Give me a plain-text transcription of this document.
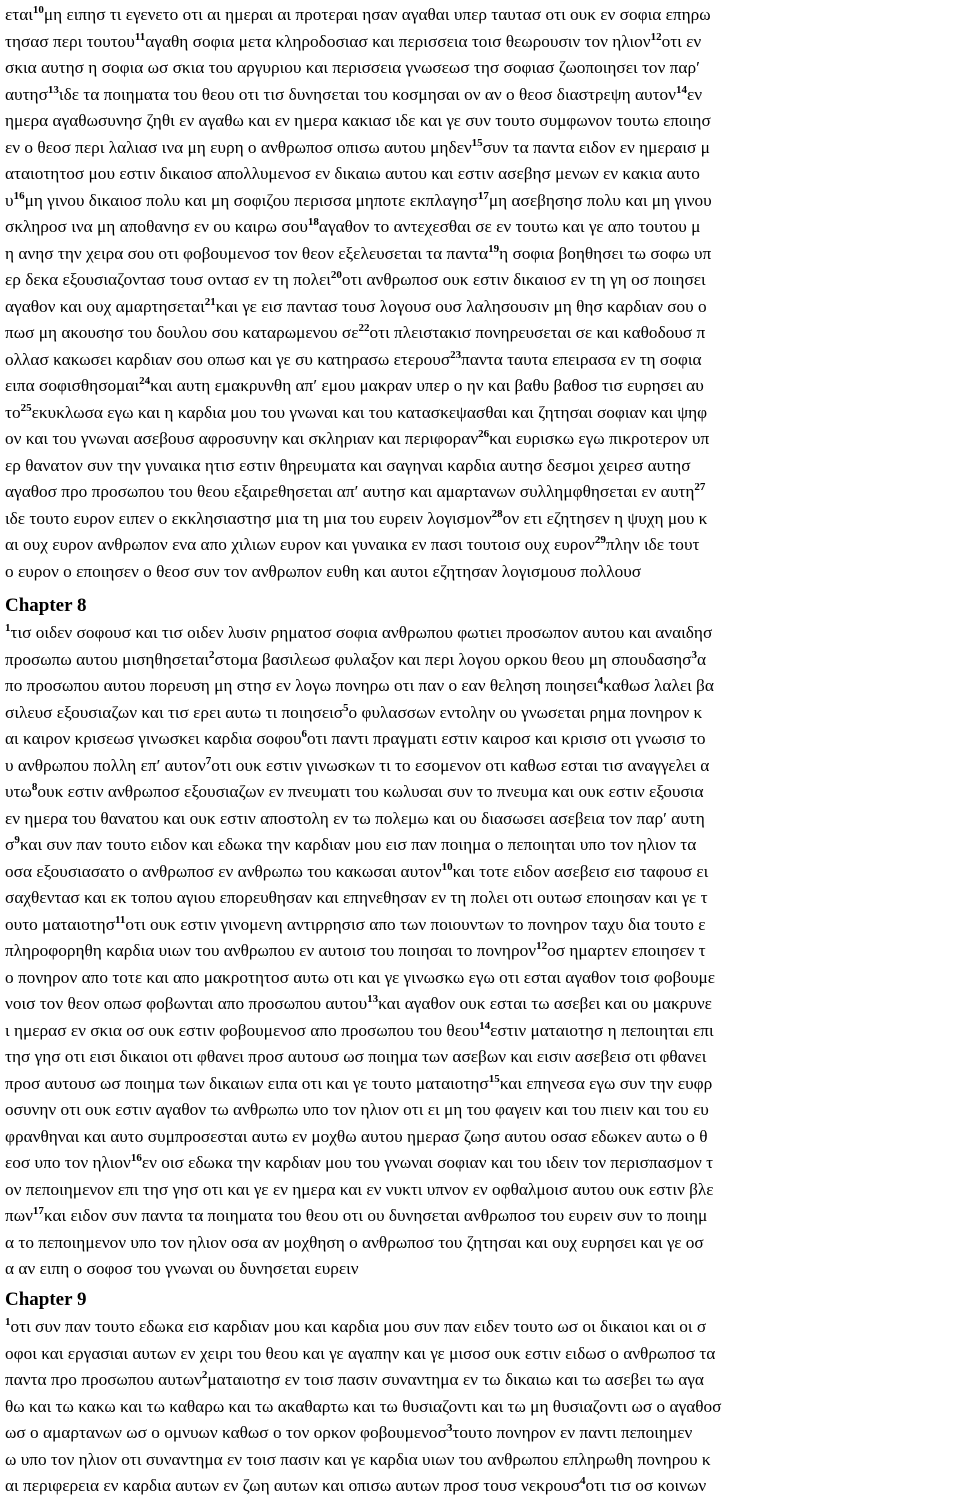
εται$^{10}$μη ειπησ τι εγενετο οτι αι ημεραι αι προτεραι ησαν αγαθαι υπερ ταυτασ οτι ουκ εν σοφια επηρω
τησασ περι τουτου$^{11}$αγαθη σοφια μετα κληροδοσιασ και περισσεια τοισ θεωρουσιν τον ηλιον$^{12}$οτι εν
σκια αυτησ η σοφια ωσ σκια του αργυριου και περισσεια γνωσεωσ τησ σοφιασ ζωοποιησει τον παρ′
αυτησ$^{13}$ιδε τα ποιηματα του θεου οτι τισ δυνησεται του κοσμησαι ον αν ο θεοσ διαστρεψη αυτον$^{14}$εν
ημερα αγαθωσυνησ ζηθι εν αγαθω και εν ημερα κακιασ ιδε και γε συν τουτο συμφωνον τουτω εποιησ
εν ο θεοσ περι λαλιασ ινα μη ευρη ο ανθρωποσ οπισω αυτου μηδεν$^{15}$συν τα παντα ειδον εν ημεραισ μ
αταιοτητοσ μου εστιν δικαιοσ απολλυμενοσ εν δικαιω αυτου και εστιν ασεβησ μενων εν κακια αυτο
$\upsilon^{16}\mu\eta$ γινου δικαιοσ πολυ και μη σοφιζου περισσα μηποτε εκπλαγησ$^{17}$μη ασεβησησ πολυ και μη γινου
σκληροσ ινα μη αποθανησ εν ου καιρω σου$^{18}$αγαθον το αντεχεσθαι σε εν τουτω και γε απο τουτου μ
η ανησ την χειρα σου οτι φοβουμενοσ τον θεον εξελευσεται τα παντα$^{19}$η σοφια βοηθησει τω σοφω υπ
ερ δεκα εξουσιαζοντασ τουσ οντασ εν τη πολει$^{20}$οτι ανθρωποσ ουκ εστιν δικαιοσ εν τη γη οσ ποιησει
αγαθον και ουχ αμαρτησεται$^{21}$και γε εισ παντασ τουσ λογουσ ουσ λαλησουσιν μη θησ καρδιαν σου ο
πωσ μη ακουσησ του δουλου σου καταρωμενου $\sigma\varepsilon^{22}o\tau\iota$ πλειστακισ πονηρευσεται σε και καθοδουσ π
ολλασ κακωσει καρδιαν σου οπωσ και γε συ κατηρασω ετερουσ$^{23}$παντα ταυτα επειρασα εν τη σοφια
ειπα σοφισθησομαι$^{24}$και αυτη εμακρυνθη απ′ εμου μακραν υπερ ο ην και βαθυ βαθοσ τισ ευρησει αυ
$\tau o^{25}\varepsilon\kappa\upsilon\kappa\lambda\omega\sigma\alpha$ εγω και η καρδια μου του γνωναι και του κατασκεψασθαι και ζητησαι σοφιαν και ψηφ
ον και του γνωναι ασεβουσ αφροσυνην και σκληριαν και περιφοραν$^{26}$και ευρισκω εγω πικροτερον υπ
ερ θανατον συν την γυναικα ητισ εστιν θηρευματα και σαγηναι καρδια αυτησ δεσμοι χειρεσ αυτησ
αγαθοσ προ προσωπου του θεου εξαιρεθησεται απ′ αυτησ και αμαρτανων συλλημφθησεται εν αυτη$^{27}$
ιδε τουτο ευρον ειπεν ο εκκλησιαστησ μια τη μια του ευρειν λογισμον$^{28}$ον ετι εζητησεν η ψυχη μου κ
αι ουχ ευρον ανθρωπον ενα απο χιλιων ευρον και γυναικα εν πασι τουτοισ ουχ ευρον$^{29}$πλην ιδε τουτ
ο ευρον ο εποιησεν ο θεοσ συν τον ανθρωπον ευθη και αυτοι εζητησαν λογισμουσ πολλουσ
Chapter 8
$^1$τισ οιδεν σοφουσ και τισ οιδεν λυσιν ρηματοσ σοφια ανθρωπου φωτιει προσωπον αυτου και αναιδησ
προσωπω αυτου μισηθησεται$^2$στομα βασιλεωσ φυλαξον και περι λογου ορκου θεου μη σπουδασησ$^3$α
πο προσωπου αυτου πορευση μη στησ εν λογω πονηρω οτι παν ο εαν θεληση ποιησει$^4$καθωσ λαλει βα
σιλευσ εξουσιαζων και τισ ερει αυτω τι ποιησεισ$^5$ο φυλασσων εντολην ου γνωσεται ρημα πονηρον κ
αι καιρον κρισεωσ γινωσκει καρδια σοφου$^6$οτι παντι πραγματι εστιν καιροσ και κρισισ οτι γνωσισ το
υ ανθρωπου πολλη επ′ αυτον$^7$οτι ουκ εστιν γινωσκων τι το εσομενον οτι καθωσ εσται τισ αναγγελει α
υτω$^8$ουκ εστιν ανθρωποσ εξουσιαζων εν πνευματι του κωλυσαι συν το πνευμα και ουκ εστιν εξουσια
εν ημερα του θανατου και ουκ εστιν αποστολη εν τω πολεμω και ου διασωσει ασεβεια τον παρ′ αυτη
$\sigma^9\kappa\alpha\iota$ συν παν τουτο ειδον και εδωκα την καρδιαν μου εισ παν ποιημα ο πεποιηται υπο τον ηλιον τα
οσα εξουσιασατο ο ανθρωποσ εν ανθρωπω του κακωσαι αυτον$^{10}$και τοτε ειδον ασεβεισ εισ ταφουσ ει
σαχθεντασ και εκ τοπου αγιου επορευθησαν και επηνεθησαν εν τη πολει οτι ουτωσ εποιησαν και γε τ
ουτο ματαιοτησ$^{11}$οτι ουκ εστιν γινομενη αντιρρησισ απο των ποιουντων το πονηρον ταχυ δια τουτο ε
πληροφορηθη καρδια υιων του ανθρωπου εν αυτοισ του ποιησαι το πονηρον$^{12}$οσ ημαρτεν εποιησεν τ
ο πονηρον απο τοτε και απο μακροτητοσ αυτω οτι και γε γινωσκω εγω οτι εσται αγαθον τοισ φοβουμε
νοισ τον θεον οπωσ φοβωνται απο προσωπου αυτου$^{13}$και αγαθον ουκ εσται τω ασεβει και ου μακρυνε
ι ημερασ εν σκια οσ ουκ εστιν φοβουμενοσ απο προσωπου του θεου$^{14}$εστιν ματαιοτησ η πεποιηται επι
τησ γησ οτι εισι δικαιοι οτι φθανει προσ αυτουσ ωσ ποιημα των ασεβων και εισιν ασεβεισ οτι φθανει
προσ αυτουσ ωσ ποιημα των δικαιων ειπα οτι και γε τουτο ματαιοτησ$^{15}$και επηνεσα εγω συν την ευφρ
οσυνην οτι ουκ εστιν αγαθον τω ανθρωπω υπο τον ηλιον οτι ει μη του φαγειν και του πιειν και του ευ
φρανθηναι και αυτο συμπροσεσται αυτω εν μοχθω αυτου ημερασ ζωησ αυτου οσασ εδωκεν αυτω ο θ
εοσ υπο τον ηλιον$^{16}$εν οισ εδωκα την καρδιαν μου του γνωναι σοφιαν και του ιδειν τον περισπασμον τ
ον πεποιημενον επι τησ γησ οτι και γε εν ημερα και εν νυκτι υπνον εν οφθαλμοισ αυτου ουκ εστιν βλε
πων$^{17}$και ειδον συν παντα τα ποιηματα του θεου οτι ου δυνησεται ανθρωποσ του ευρειν συν το ποιημ
α το πεποιημενον υπο τον ηλιον οσα αν μοχθηση ο ανθρωποσ του ζητησαι και ουχ ευρησει και γε οσ
α αν ειπη ο σοφοσ του γνωναι ου δυνησεται ευρειν
Chapter 9
$^1$οτι συν παν τουτο εδωκα εισ καρδιαν μου και καρδια μου συν παν ειδεν τουτο ωσ οι δικαιοι και οι σ
οφοι και εργασιαι αυτων εν χειρι του θεου και γε αγαπην και γε μισοσ ουκ εστιν ειδωσ ο ανθρωποσ τα
παντα προ προσωπου αυτων$^2$ματαιοτησ εν τοισ πασιν συναντημα εν τω δικαιω και τω ασεβει τω αγα
θω και τω κακω και τω καθαρω και τω ακαθαρτω και τω θυσιαζοντι και τω μη θυσιαζοντι ωσ ο αγαθοσ
ωσ ο αμαρτανων ωσ ο ομνυων καθωσ ο τον ορκον φοβουμενοσ$^3$τουτο πονηρον εν παντι πεποιημεν
ω υπο τον ηλιον οτι συναντημα εν τοισ πασιν και γε καρδια υιων του ανθρωπου επληρωθη πονηρου κ
αι περιφερεια εν καρδια αυτων εν ζωη αυτων και οπισω αυτων προσ τουσ νεκρουσ$^4$οτι τισ οσ κοινων
